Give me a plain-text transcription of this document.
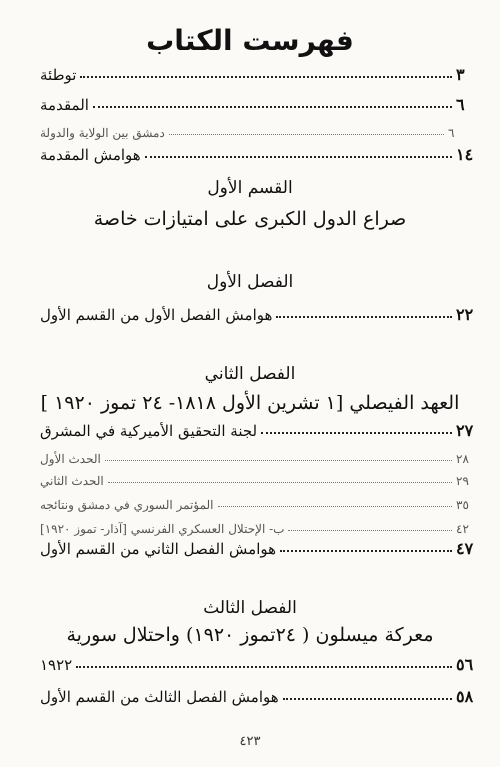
فهرست الكتاب
توطئة	٣
المقدمة	٦
دمشق بين الولاية والدولة	٦
هوامش المقدمة	١٤
القسم الأول
صراع الدول الكبرى على امتيازات خاصة
الفصل الأول
هوامش الفصل الأول من القسم الأول	٢٢
الفصل الثاني
العهد الفيصلي [١ تشرين الأول ١٨١٨- ٢٤ تموز ١٩٢٠ ]
لجنة التحقيق الأميركية في المشرق	٢٧
الحدث الأول	٢٨
الحدث الثاني	٢٩
المؤتمر السوري في دمشق ونتائجه	٣٥
ب- الإحتلال العسكري الفرنسي [آذار- تموز ١٩٢٠]	٤٢
هوامش الفصل الثاني من القسم الأول	٤٧
الفصل الثالث
معركة ميسلون ( ٢٤تموز ١٩٢٠) واحتلال سورية
١٩٢٢	٥٦
هوامش الفصل الثالث من القسم الأول	٥٨
٤٢٣
